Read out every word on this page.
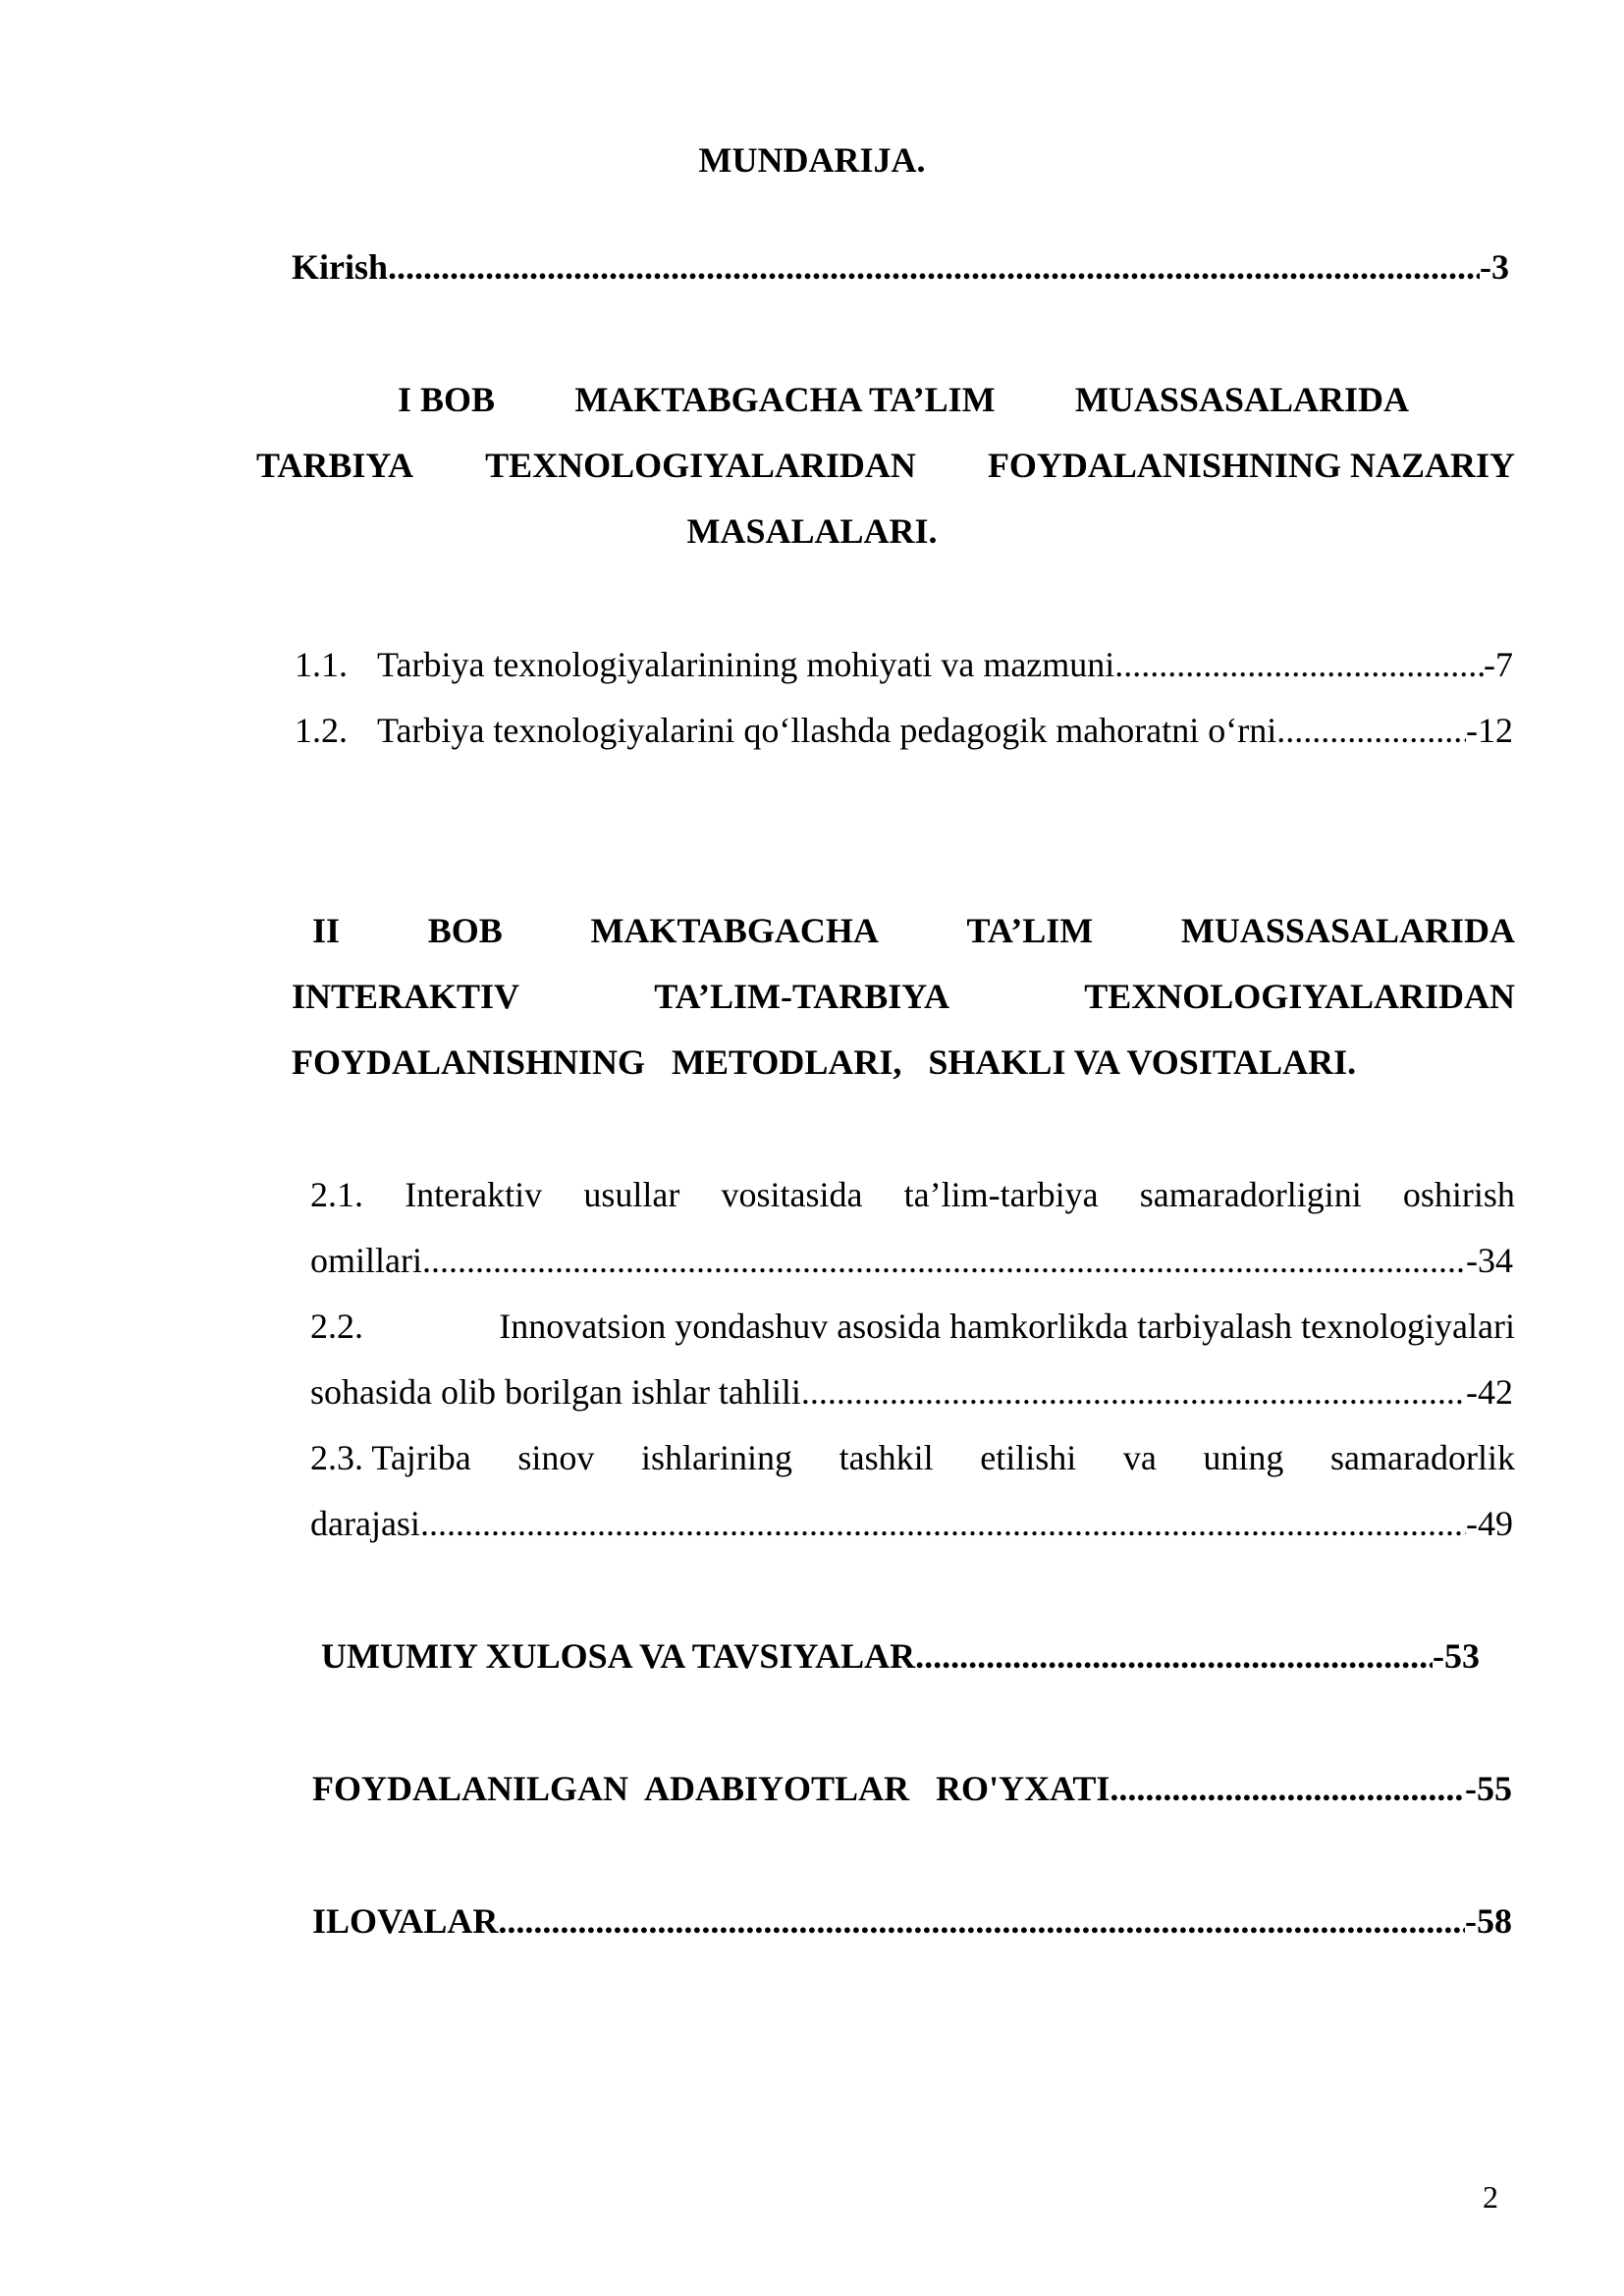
MUNDARIJA.
Kirish .....	-3
I BOB MAKTABGACHA TA’LIM MUASSASALARIDA
TARBIYA TEXNOLOGIYALARIDAN FOYDALANISHNING NAZARIY
MASALALARI.
1.1. Tarbiya texnologiyalarinining mohiyati va mazmuni .....	-7
1.2. Tarbiya texnologiyalarini qo‘llashda pedagogik mahoratni o‘rni .....	-12
II BOB MAKTABGACHA TA’LIM MUASSASALARIDA
INTERAKTIV	TA’LIM-TARBIYA	TEXNOLOGIYALARIDAN
FOYDALANISHNING   METODLARI,   SHAKLI VA VOSITALARI.
2.1. Interaktiv usullar vositasida ta’lim-tarbiya samaradorligini oshirish
omillari .....	-34
2.2.	Innovatsion yondashuv asosida hamkorlikda tarbiyalash texnologiyalari
sohasida olib borilgan ishlar tahlili .....	-42
2.3. Tajriba sinov ishlarining tashkil etilishi va uning samaradorlik
darajasi .....	-49
UMUMIY XULOSA VA TAVSIYALAR .....	-53
FOYDALANILGAN  ADABIYOTLAR   RO'YXATI .....	-55
ILOVALAR .....	-58
2
